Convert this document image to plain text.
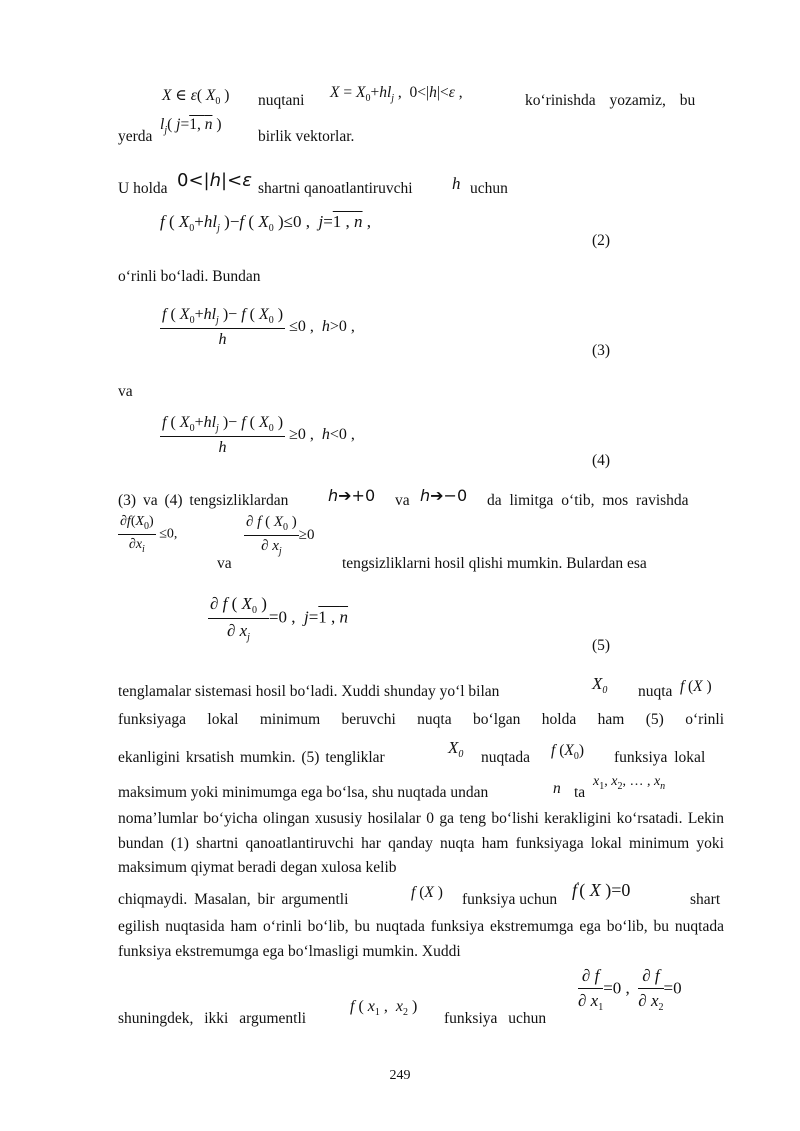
X ∈ ε( $X_0$ ) nuqtani $X = X_0+hl_j$ ,  0<|h|<ε ,	ko‘rinishda yozamiz, bu
yerda
$l_j$( j=1, n )
birlik vektorlar.
U holda 0<|h|<ε shartni qanoatlantiruvchi h uchun
f ( $X_0+hl_j$ )−f ( $X_0$ )≤0 ,  j=1 , n ,
(2)
o‘rinli bo‘ladi. Bundan
$\frac{f ( X_0+hl_j )- f ( X_0 )}{h} \le 0$ ,  h>0 ,
(3)
va
$\frac{f ( X_0+hl_j )- f ( X_0 )}{h} \ge 0$ ,  h<0 ,
(4)
(3) va (4) tengsizliklardan h➔+0 va h➔−0 da limitga o‘tib, mos ravishda
$\frac{\partial f(X_0)}{\partial x_i} \le 0$,
va
$\frac{\partial f ( X_0 )}{\partial x_j} \ge 0$
tengsizliklarni hosil qlishi mumkin. Bulardan esa
$\frac{\partial f ( X_0 )}{\partial x_j} =0$ ,  j=1 , n
(5)
tenglamalar sistemasi hosil bo‘ladi. Xuddi shunday yo‘l bilan	$X_0$ nuqta f (X )
funksiyaga lokal minimum beruvchi nuqta bo‘lgan holda ham (5) o‘rinli
ekanligini krsatish mumkin. (5) tengliklar
$X_0$ nuqtada f $(X_0)$ funksiya lokal
maksimum yoki minimumga ega bo‘lsa, shu nuqtada undan	n ta
$x_1$, $x_2$, … , $x_n$
noma’lumlar bo‘yicha olingan xususiy hosilalar 0 ga teng bo‘lishi kerakligini ko‘rsatadi. Lekin bundan (1) shartni qanoatlantiruvchi har qanday nuqta ham funksiyaga lokal minimum yoki maksimum qiymat beradi degan xulosa kelib
chiqmaydi. Masalan, bir argumentli	f (X ) funksiya uchun f′( X )=0	shart
egilish nuqtasida ham o‘rinli bo‘lib, bu nuqtada funksiya ekstremumga ega bo‘lib, bu nuqtada funksiya ekstremumga ega bo‘lmasligi mumkin. Xuddi
shuningdek, ikki argumentli
f ( $x_1$ ,  $x_2$ )
funksiya uchun
$\frac{\partial f}{\partial x_1} =0$ , $\frac{\partial f}{\partial x_2} =0$
249
